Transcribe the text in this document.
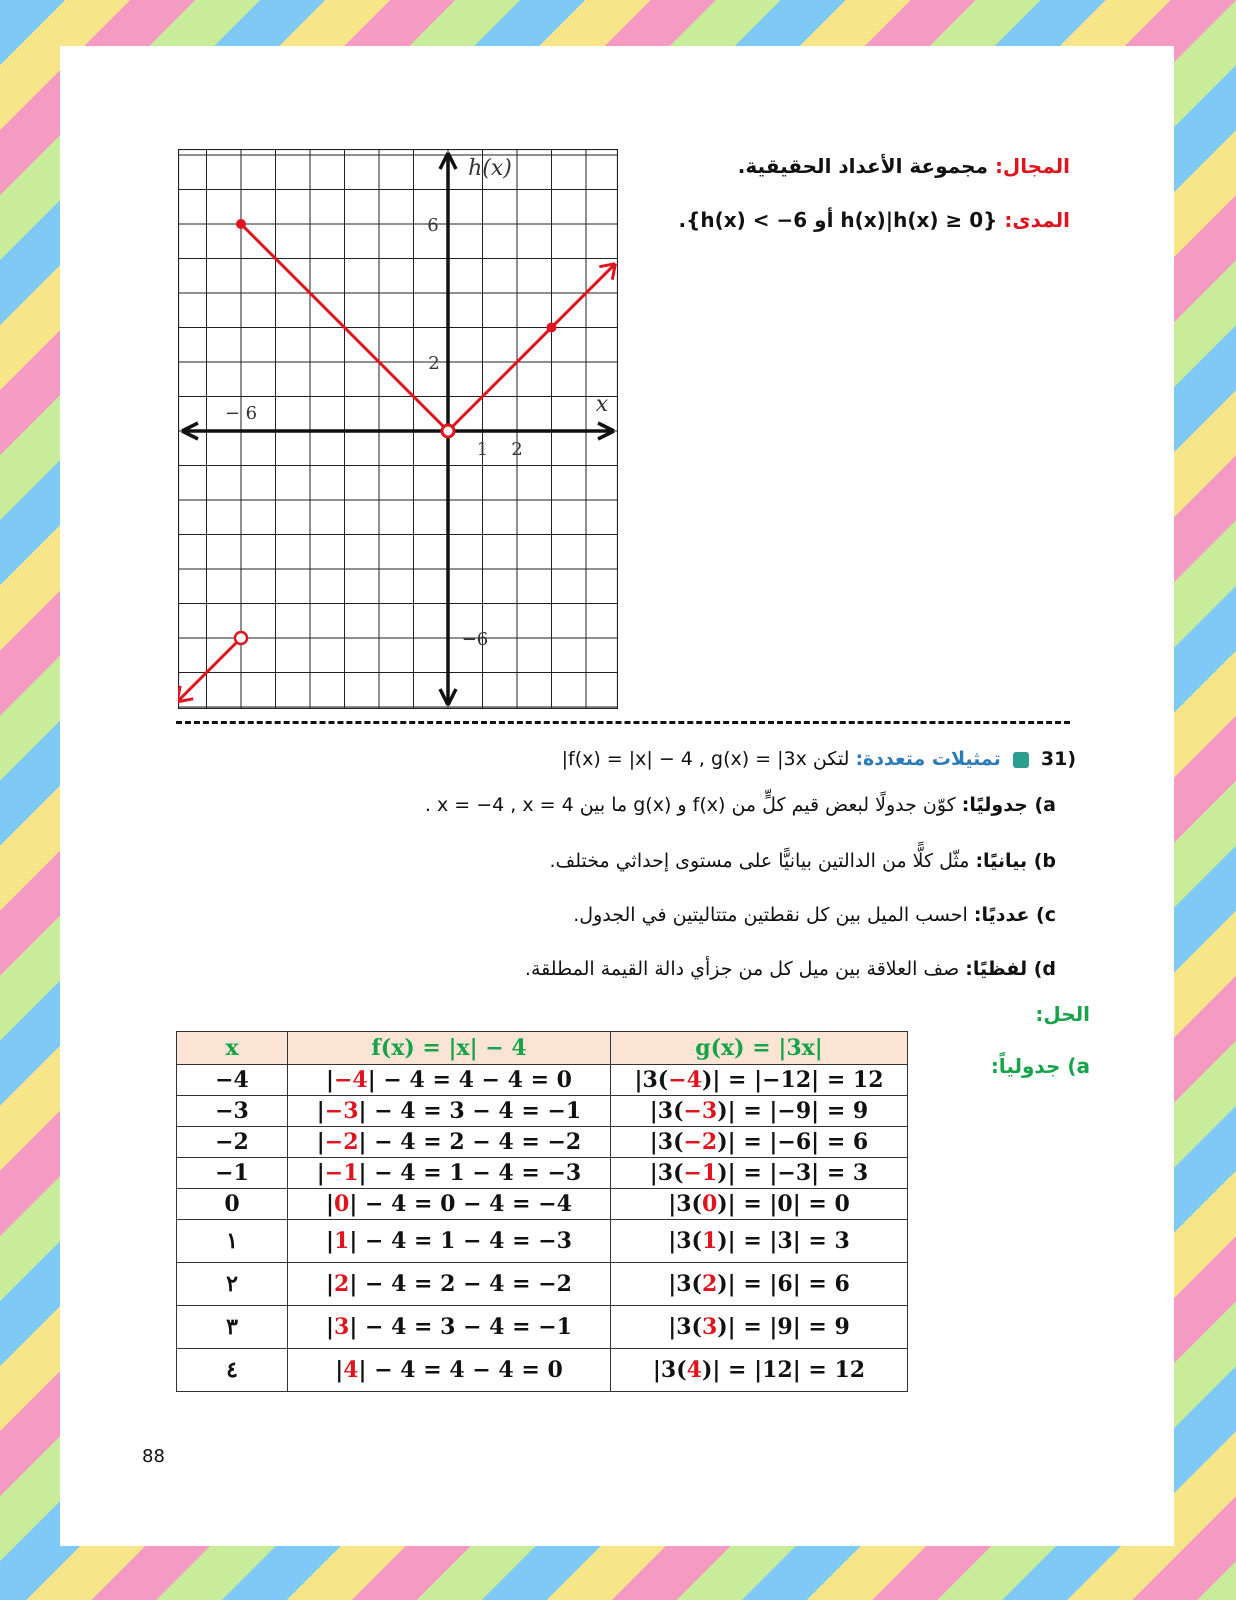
المجال: مجموعة الأعداد الحقيقية.
المدى: {h(x)|h(x) ≥ 0 أو h(x) < −6}.
h(x)
x
6
2
− 6
−6
1 2
(31  تمثيلات متعددة: لتكن f(x) = |x| − 4 , g(x) = |3x|
a) جدوليًا: كوّن جدولًا لبعض قيم كلٍّ من f(x) و g(x) ما بين x = −4 , x = 4 .
b) بيانيًا: مثّل كلًّا من الدالتين بيانيًّا على مستوى إحداثي مختلف.
c) عدديًا: احسب الميل بين كل نقطتين متتاليتين في الجدول.
d) لفظيًا: صف العلاقة بين ميل كل من جزأي دالة القيمة المطلقة.
الحل:
a) جدولياً:
x	f(x) = |x| − 4	g(x) = |3x|
−4	|−4| − 4 = 4 − 4 = 0	|3(−4)| = |−12| = 12
−3	|−3| − 4 = 3 − 4 = −1	|3(−3)| = |−9| = 9
−2	|−2| − 4 = 2 − 4 = −2	|3(−2)| = |−6| = 6
−1	|−1| − 4 = 1 − 4 = −3	|3(−1)| = |−3| = 3
0	|0| − 4 = 0 − 4 = −4	|3(0)| = |0| = 0
١	|1| − 4 = 1 − 4 = −3	|3(1)| = |3| = 3
٢	|2| − 4 = 2 − 4 = −2	|3(2)| = |6| = 6
٣	|3| − 4 = 3 − 4 = −1	|3(3)| = |9| = 9
٤	|4| − 4 = 4 − 4 = 0	|3(4)| = |12| = 12
88
